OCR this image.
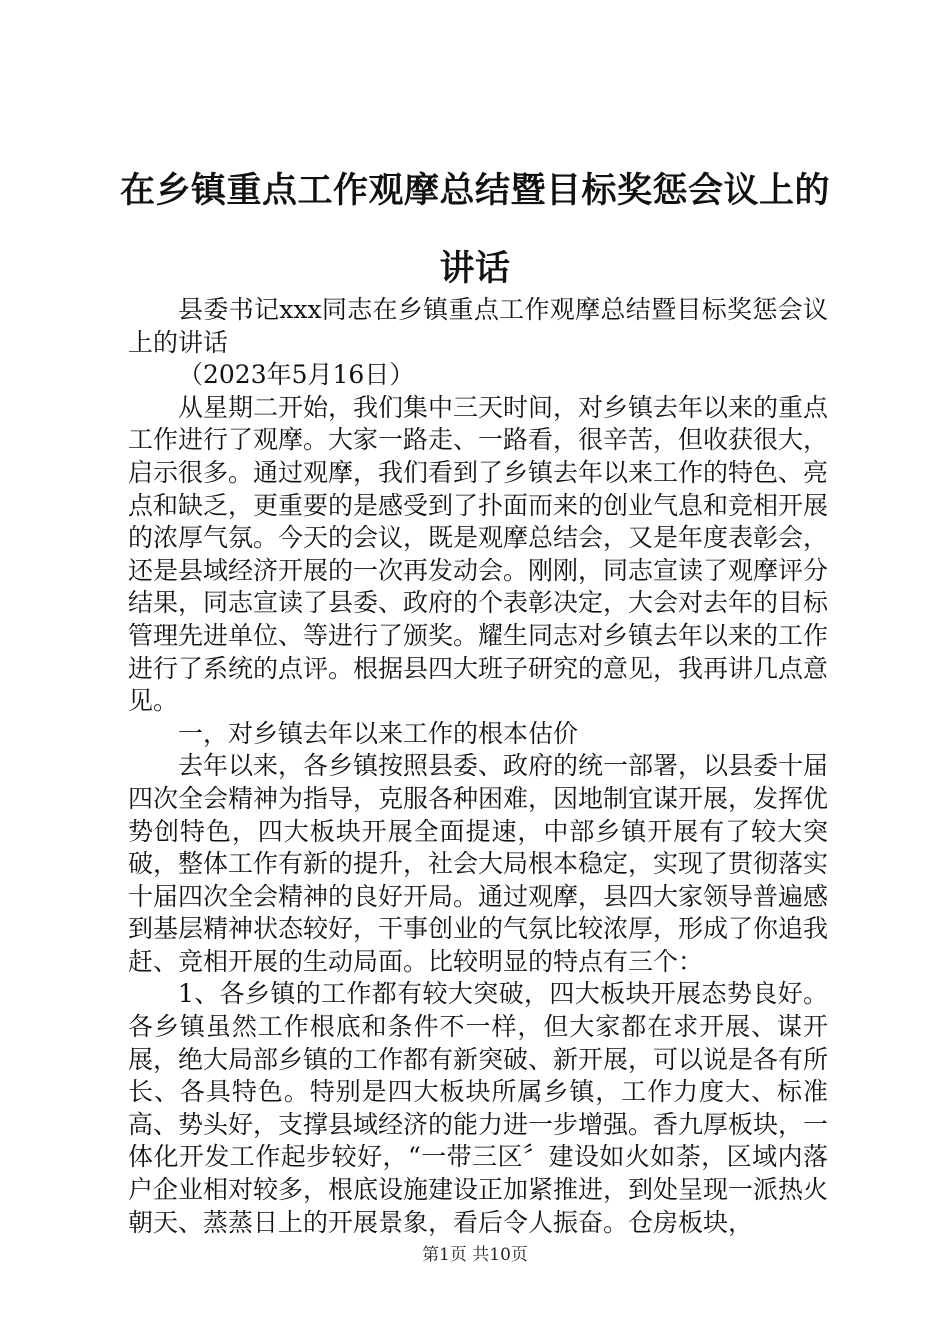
在乡镇重点工作观摩总结暨目标奖惩会议上的讲话

县委书记xxx同志在乡镇重点工作观摩总结暨目标奖惩会议上的讲话

（2023年5月16日）

从星期二开始，我们集中三天时间，对乡镇去年以来的重点工作进行了观摩。大家一路走、一路看，很辛苦，但收获很大，启示很多。通过观摩，我们看到了乡镇去年以来工作的特色、亮点和缺乏，更重要的是感受到了扑面而来的创业气息和竞相开展的浓厚气氛。今天的会议，既是观摩总结会，又是年度表彰会，还是县域经济开展的一次再发动会。刚刚，同志宣读了观摩评分结果，同志宣读了县委、政府的个表彰决定，大会对去年的目标管理先进单位、等进行了颁奖。耀生同志对乡镇去年以来的工作进行了系统的点评。根据县四大班子研究的意见，我再讲几点意见。

一，对乡镇去年以来工作的根本估价

去年以来，各乡镇按照县委、政府的统一部署，以县委十届四次全会精神为指导，克服各种困难，因地制宜谋开展，发挥优势创特色，四大板块开展全面提速，中部乡镇开展有了较大突破，整体工作有新的提升，社会大局根本稳定，实现了贯彻落实十届四次全会精神的良好开局。通过观摩，县四大家领导普遍感到基层精神状态较好，干事创业的气氛比较浓厚，形成了你追我赶、竞相开展的生动局面。比较明显的特点有三个：

1、各乡镇的工作都有较大突破，四大板块开展态势良好。各乡镇虽然工作根底和条件不一样，但大家都在求开展、谋开展，绝大局部乡镇的工作都有新突破、新开展，可以说是各有所长、各具特色。特别是四大板块所属乡镇，工作力度大、标准高、势头好，支撑县域经济的能力进一步增强。香九厚板块，一体化开发工作起步较好，“一带三区〞建设如火如荼，区域内落户企业相对较多，根底设施建设正加紧推进，到处呈现一派热火朝天、蒸蒸日上的开展景象，看后令人振奋。仓房板块，

第1页 共10页
